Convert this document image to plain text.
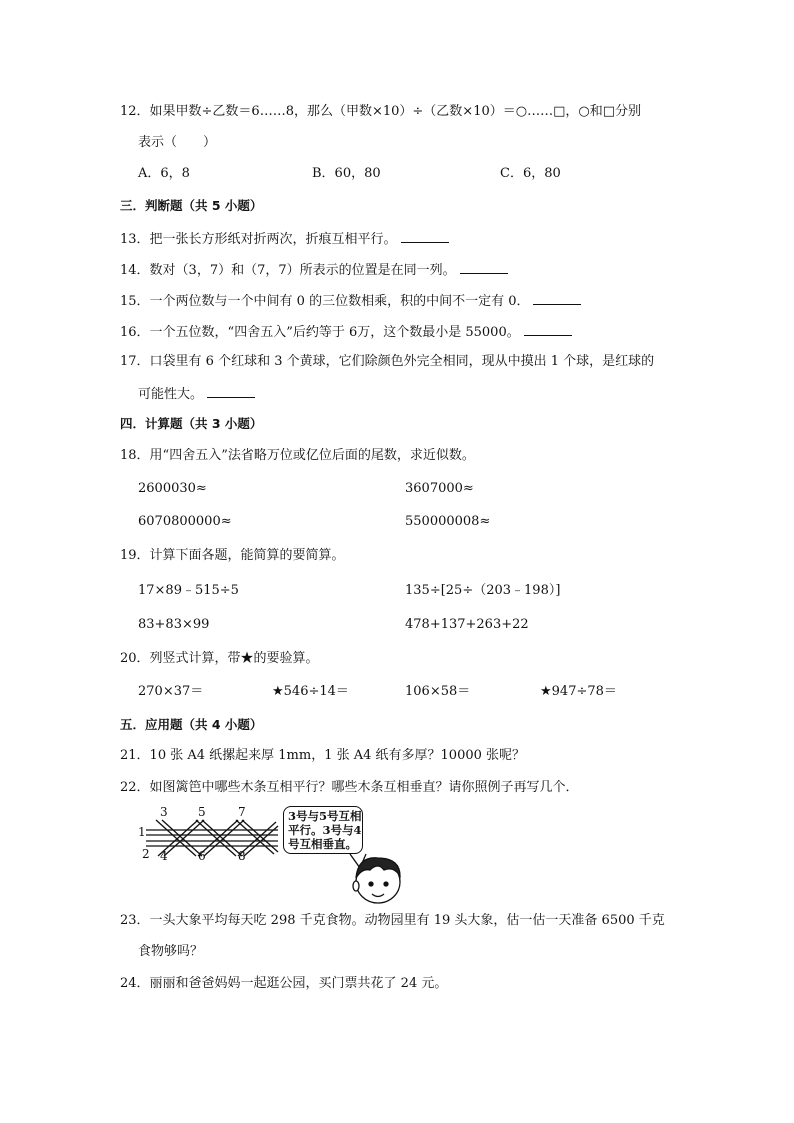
12．如果甲数÷乙数＝6……8，那么（甲数×10）÷（乙数×10）＝○……□，○和□分别
表示（　　）
A．6，8	B．60，80	C．6，80
三．判断题（共 5 小题）
13．把一张长方形纸对折两次，折痕互相平行。
14．数对（3，7）和（7，7）所表示的位置是在同一列。
15．一个两位数与一个中间有 0 的三位数相乘，积的中间不一定有 0．
16．一个五位数，“四舍五入”后约等于 6万，这个数最小是 55000。
17．口袋里有 6 个红球和 3 个黄球，它们除颜色外完全相同，现从中摸出 1 个球，是红球的
可能性大。
四．计算题（共 3 小题）
18．用“四舍五入”法省略万位或亿位后面的尾数，求近似数。
2600030≈	3607000≈
6070800000≈	550000008≈
19．计算下面各题，能简算的要简算。
17×89﹣515÷5	135÷[25÷（203﹣198）]
83+83×99	478+137+263+22
20．列竖式计算，带★的要验算。
270×37＝	★546÷14＝	106×58＝	★947÷78＝
五．应用题（共 4 小题）
21．10 张 A4 纸摞起来厚 1mm，1 张 A4 纸有多厚？10000 张呢？
22．如图篱笆中哪些木条互相平行？哪些木条互相垂直？请你照例子再写几个．
1
2
3
4
5
6
7
8
3号与5号互相
平行。3号与4
号互相垂直。
23．一头大象平均每天吃 298 千克食物。动物园里有 19 头大象，估一估一天准备 6500 千克
食物够吗？
24．丽丽和爸爸妈妈一起逛公园，买门票共花了 24 元。
